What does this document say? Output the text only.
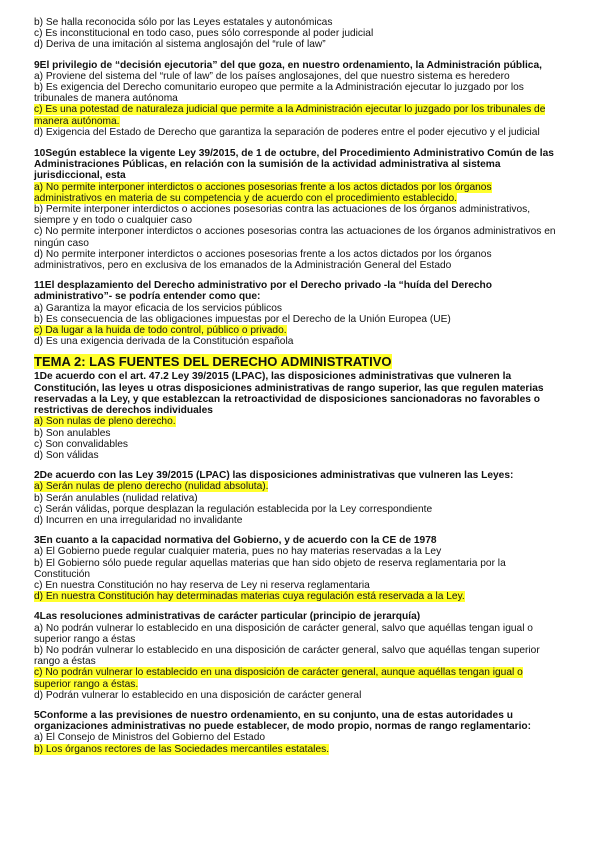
b) Se halla reconocida sólo por las Leyes estatales y autonómicas
c) Es inconstitucional en todo caso, pues sólo corresponde al poder judicial
d) Deriva de una imitación al sistema anglosajón del “rule of law”
9El privilegio de “decisión ejecutoria” del que goza, en nuestro ordenamiento, la Administración pública,
a) Proviene del sistema del “rule of law” de los países anglosajones, del que nuestro sistema es heredero
b) Es exigencia del Derecho comunitario europeo que permite a la Administración ejecutar lo juzgado por los tribunales de manera autónoma
c) Es una potestad de naturaleza judicial que permite a la Administración ejecutar lo juzgado por los tribunales de manera autónoma.
d) Exigencia del Estado de Derecho que garantiza la separación de poderes entre el poder ejecutivo y el judicial
10Según establece la vigente Ley 39/2015, de 1 de octubre, del Procedimiento Administrativo Común de las Administraciones Públicas, en relación con la sumisión de la actividad administrativa al sistema jurisdiccional, esta
a) No permite interponer interdictos o acciones posesorias frente a los actos dictados por los órganos administrativos en materia de su competencia y de acuerdo con el procedimiento establecido.
b) Permite interponer interdictos o acciones posesorias contra las actuaciones de los órganos administrativos, siempre y en todo o cualquier caso
c) No permite interponer interdictos o acciones posesorias contra las actuaciones de los órganos administrativos en ningún caso
d) No permite interponer interdictos o acciones posesorias frente a los actos dictados por los órganos administrativos, pero en exclusiva de los emanados de la Administración General del Estado
11El desplazamiento del Derecho administrativo por el Derecho privado -la “huída del Derecho administrativo”- se podría entender como que:
a) Garantiza la mayor eficacia de los servicios públicos
b) Es consecuencia de las obligaciones impuestas por el Derecho de la Unión Europea (UE)
c) Da lugar a la huida de todo control, público o privado.
d) Es una exigencia derivada de la Constitución española
TEMA 2: LAS FUENTES DEL DERECHO ADMINISTRATIVO
1De acuerdo con el art. 47.2 Ley 39/2015 (LPAC), las disposiciones administrativas que vulneren la Constitución, las leyes u otras disposiciones administrativas de rango superior, las que regulen materias reservadas a la Ley, y que establezcan la retroactividad de disposiciones sancionadoras no favorables o restrictivas de derechos individuales
a) Son nulas de pleno derecho.
b) Son anulables
c) Son convalidables
d) Son válidas
2De acuerdo con las Ley 39/2015 (LPAC) las disposiciones administrativas que vulneren las Leyes:
a) Serán nulas de pleno derecho (nulidad absoluta).
b) Serán anulables (nulidad relativa)
c) Serán válidas, porque desplazan la regulación establecida por la Ley correspondiente
d) Incurren en una irregularidad no invalidante
3En cuanto a la capacidad normativa del Gobierno, y de acuerdo con la CE de 1978
a) El Gobierno puede regular cualquier materia, pues no hay materias reservadas a la Ley
b) El Gobierno sólo puede regular aquellas materias que han sido objeto de reserva reglamentaria por la Constitución
c) En nuestra Constitución no hay reserva de Ley ni reserva reglamentaria
d) En nuestra Constitución hay determinadas materias cuya regulación está reservada a la Ley.
4Las resoluciones administrativas de carácter particular (principio de jerarquía)
a) No podrán vulnerar lo establecido en una disposición de carácter general, salvo que aquéllas tengan igual o superior rango a éstas
b) No podrán vulnerar lo establecido en una disposición de carácter general, salvo que aquéllas tengan superior rango a éstas
c) No podrán vulnerar lo establecido en una disposición de carácter general, aunque aquéllas tengan igual o superior rango a éstas.
d) Podrán vulnerar lo establecido en una disposición de carácter general
5Conforme a las previsiones de nuestro ordenamiento, en su conjunto, una de estas autoridades u organizaciones administrativas no puede establecer, de modo propio, normas de rango reglamentario:
a) El Consejo de Ministros del Gobierno del Estado
b) Los órganos rectores de las Sociedades mercantiles estatales.
